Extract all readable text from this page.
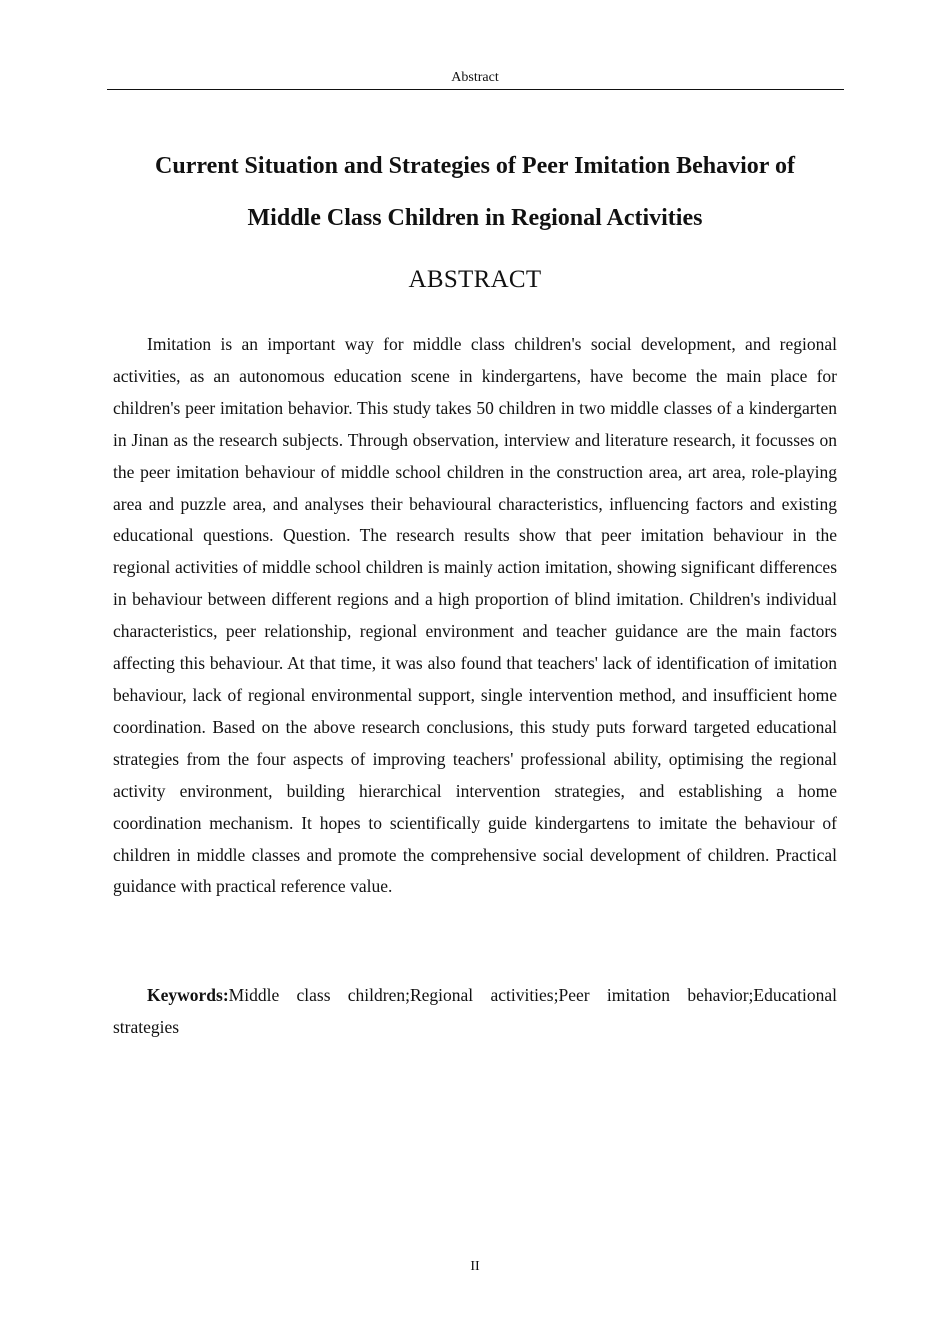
Abstract
Current Situation and Strategies of Peer Imitation Behavior of
Middle Class Children in Regional Activities
ABSTRACT

Imitation is an important way for middle class children's social development, and regional activities, as an autonomous education scene in kindergartens, have become the main place for children's peer imitation behavior. This study takes 50 children in two middle classes of a kindergarten in Jinan as the research subjects. Through observation, interview and literature research, it focusses on the peer imitation behaviour of middle school children in the construction area, art area, role-playing area and puzzle area, and analyses their behavioural characteristics, influencing factors and existing educational questions. Question. The research results show that peer imitation behaviour in the regional activities of middle school children is mainly action imitation, showing significant differences in behaviour between different regions and a high proportion of blind imitation. Children's individual characteristics, peer relationship, regional environment and teacher guidance are the main factors affecting this behaviour. At that time, it was also found that teachers' lack of identification of imitation behaviour, lack of regional environmental support, single intervention method, and insufficient home coordination. Based on the above research conclusions, this study puts forward targeted educational strategies from the four aspects of improving teachers' professional ability, optimising the regional activity environment, building hierarchical intervention strategies, and establishing a home coordination mechanism. It hopes to scientifically guide kindergartens to imitate the behaviour of children in middle classes and promote the comprehensive social development of children. Practical guidance with practical reference value.

Keywords:Middle class children;Regional activities;Peer imitation behavior;Educational strategies

II
